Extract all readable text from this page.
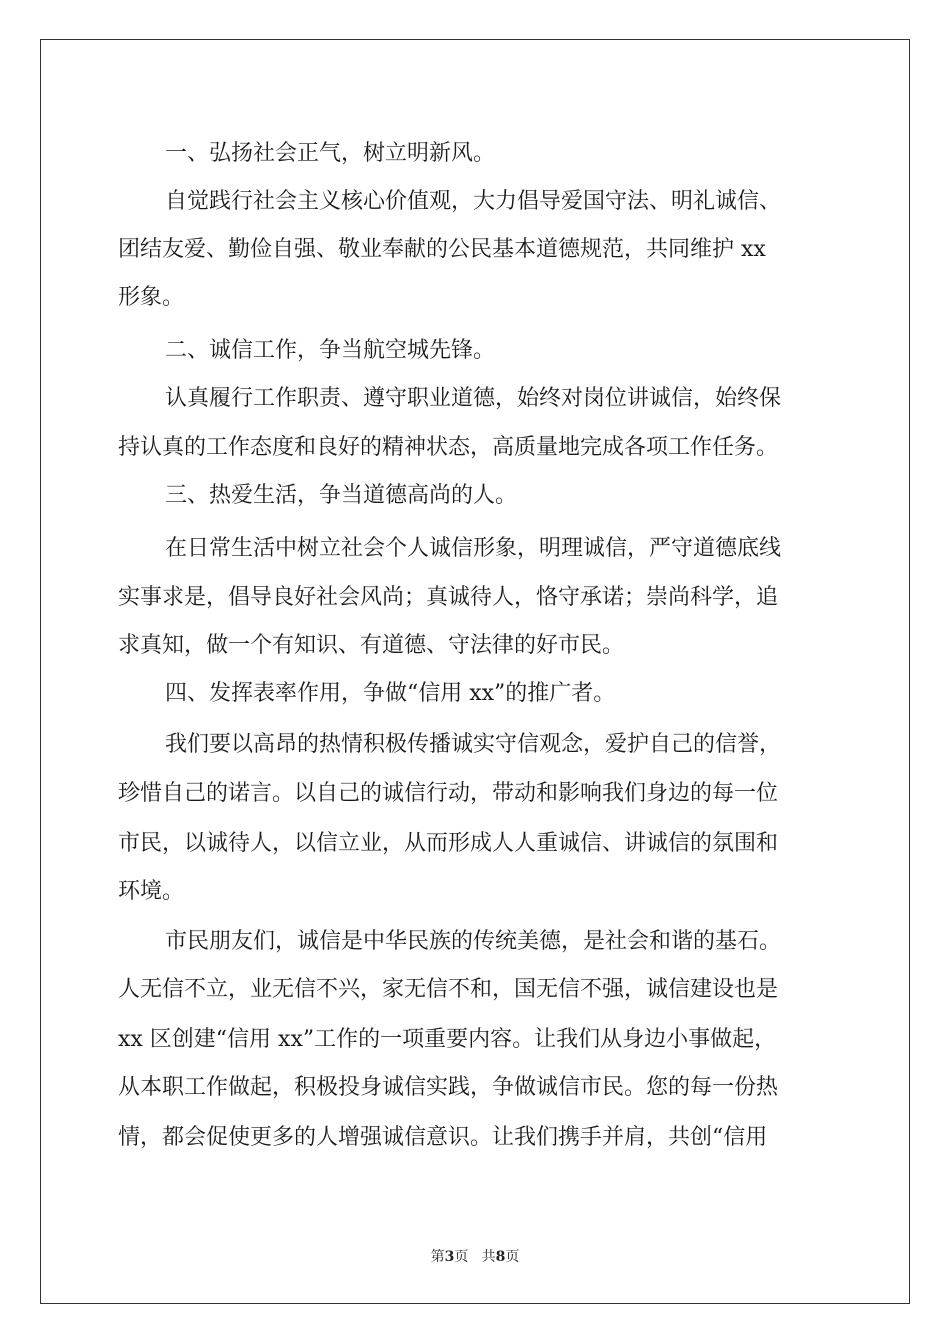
一、弘扬社会正气，树立明新风。
自觉践行社会主义核心价值观，大力倡导爱国守法、明礼诚信、
团结友爱、勤俭自强、敬业奉献的公民基本道德规范，共同维护 xx
形象。
二、诚信工作，争当航空城先锋。
认真履行工作职责、遵守职业道德，始终对岗位讲诚信，始终保
持认真的工作态度和良好的精神状态，高质量地完成各项工作任务。
三、热爱生活，争当道德高尚的人。
在日常生活中树立社会个人诚信形象，明理诚信，严守道德底线
实事求是，倡导良好社会风尚；真诚待人，恪守承诺；崇尚科学，追
求真知，做一个有知识、有道德、守法律的好市民。
四、发挥表率作用，争做“信用 xx”的推广者。
我们要以高昂的热情积极传播诚实守信观念，爱护自己的信誉，
珍惜自己的诺言。以自己的诚信行动，带动和影响我们身边的每一位
市民，以诚待人，以信立业，从而形成人人重诚信、讲诚信的氛围和
环境。
市民朋友们，诚信是中华民族的传统美德，是社会和谐的基石。
人无信不立，业无信不兴，家无信不和，国无信不强，诚信建设也是
xx 区创建“信用 xx”工作的一项重要内容。让我们从身边小事做起，
从本职工作做起，积极投身诚信实践，争做诚信市民。您的每一份热
情，都会促使更多的人增强诚信意识。让我们携手并肩，共创“信用
第3页 共8页
